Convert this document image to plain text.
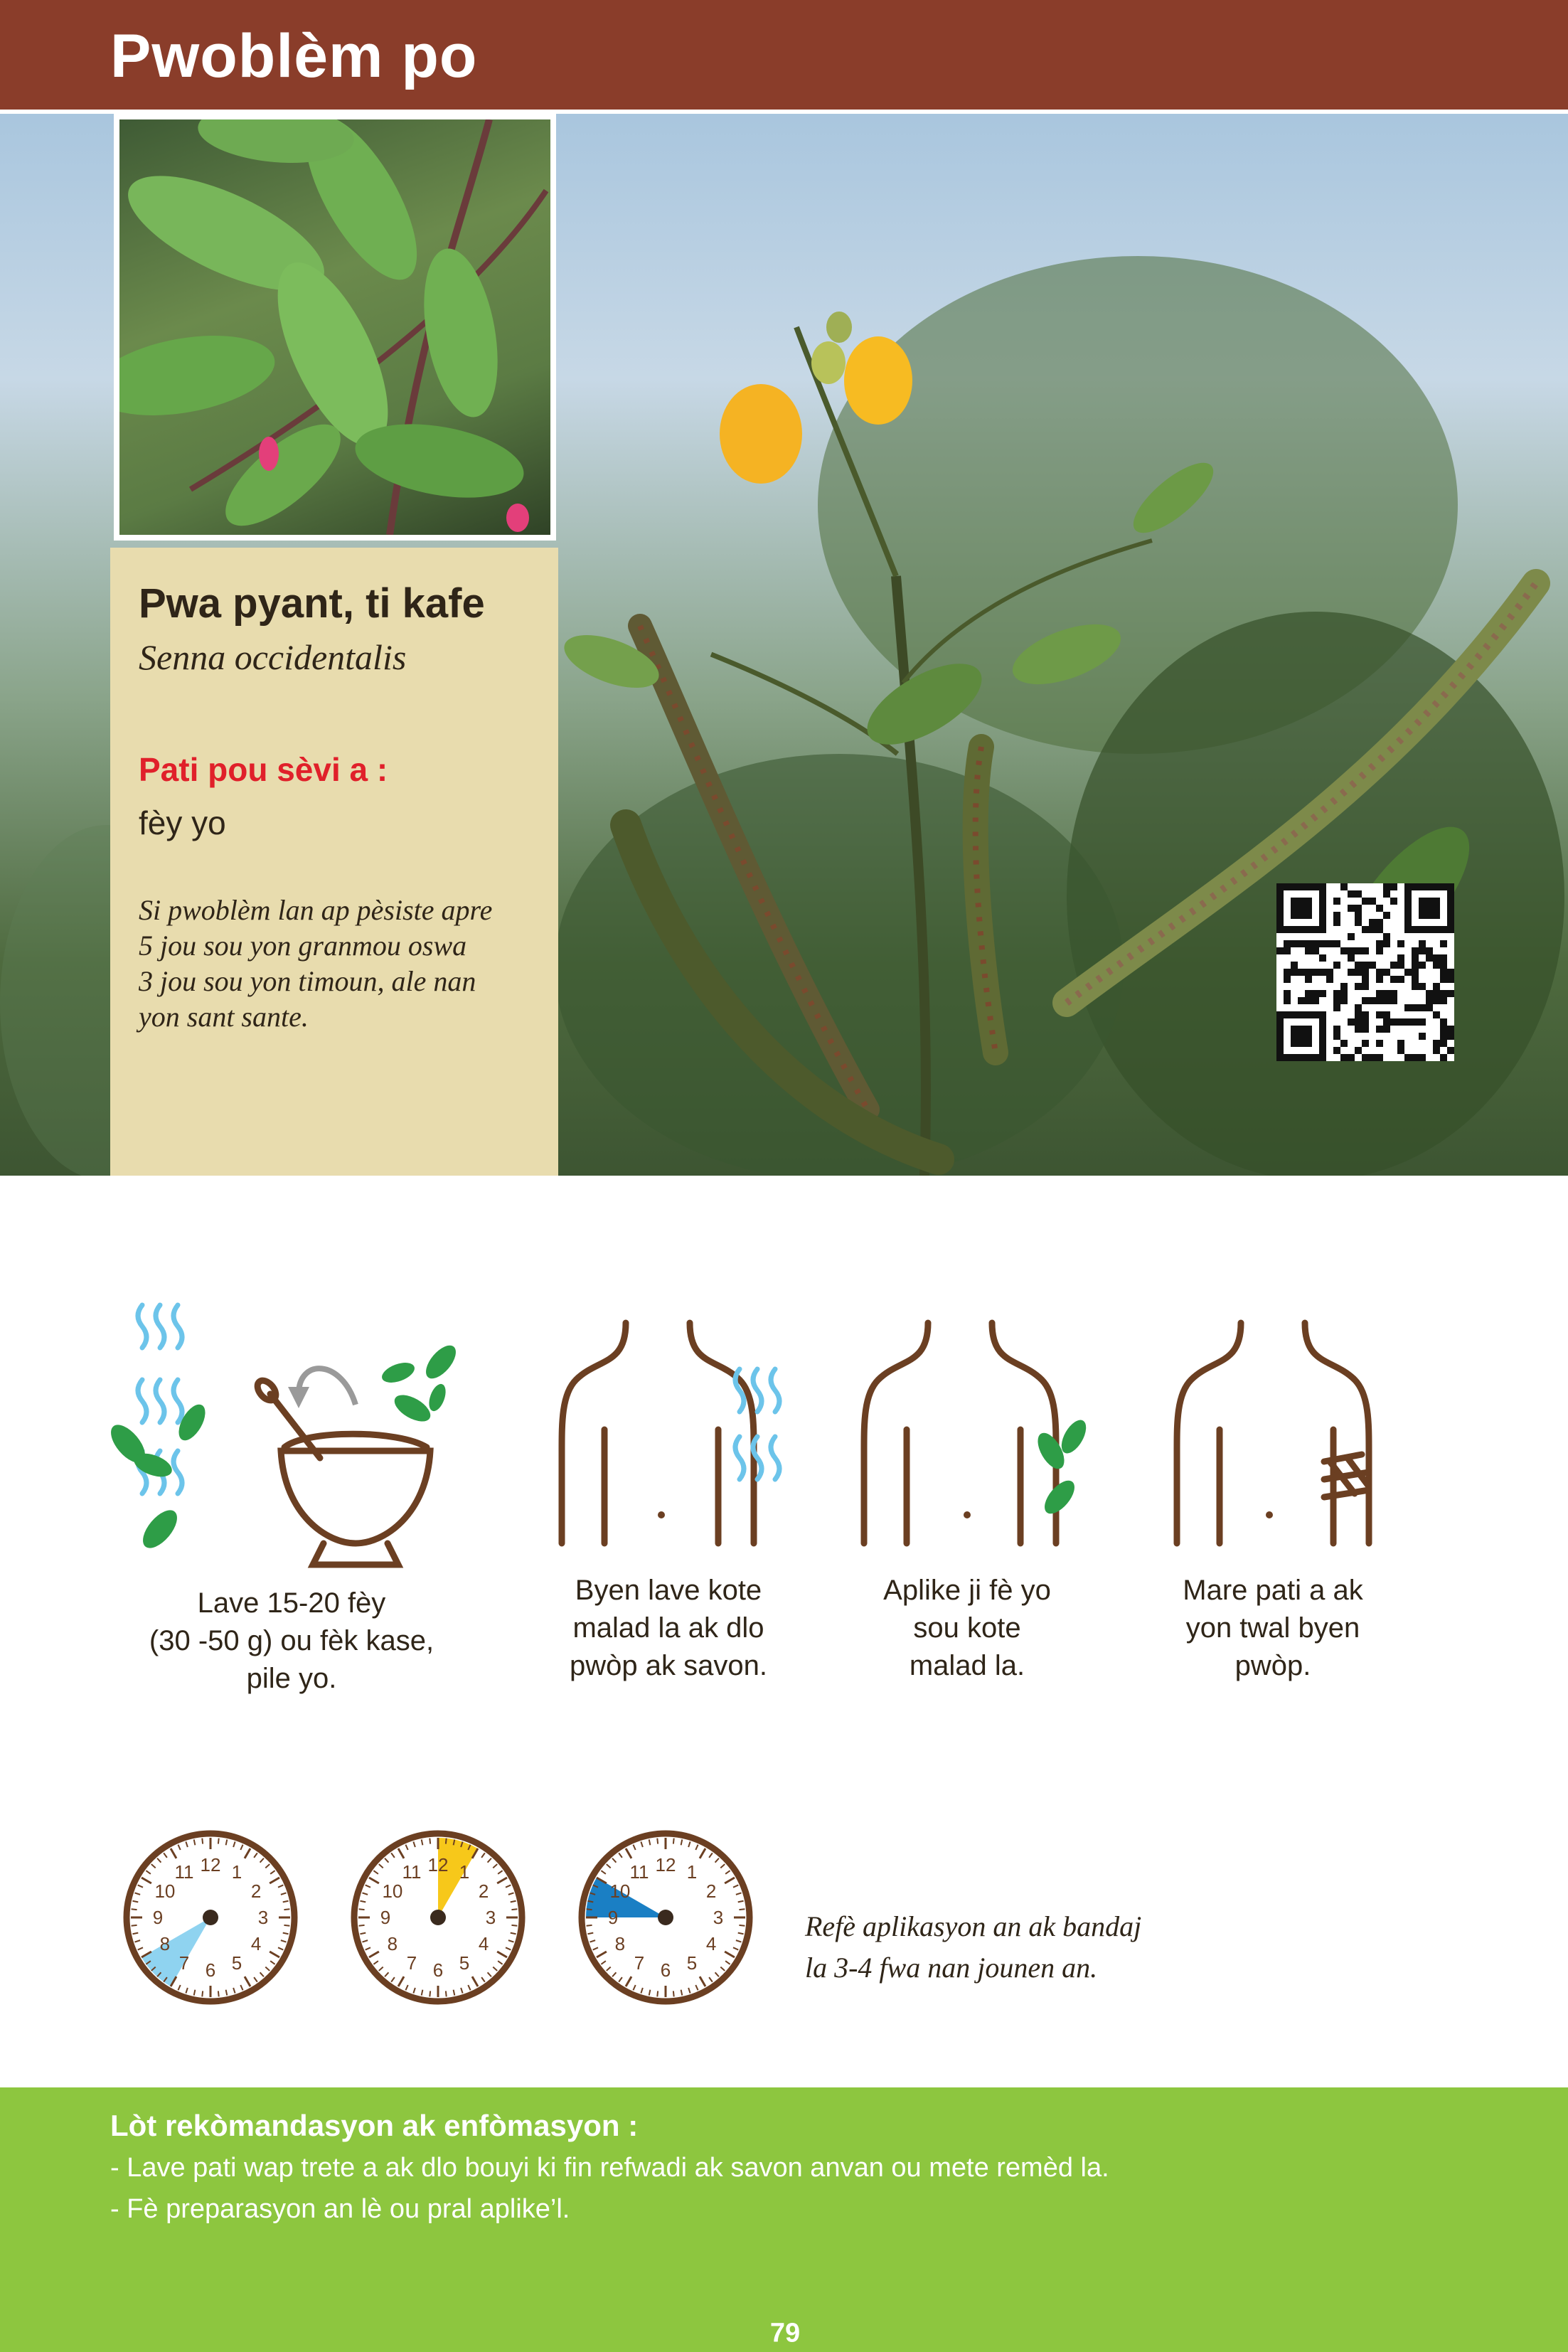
Pwoblèm po
Pwa pyant, ti kafe
Senna occidentalis
Pati pou sèvi a :
fèy yo
Si pwoblèm lan ap pèsiste apre
5 jou sou yon granmou oswa
3 jou sou yon timoun, ale nan
yon sant sante.
Lave 15-20 fèy
(30 -50 g) ou fèk kase,
pile yo.
Byen lave kote
malad la ak dlo
pwòp ak savon.
Aplike ji fè yo
sou kote
malad la.
Mare pati a ak
yon twal byen
pwòp.
12 1
2
3
4
5
6
7
8
9
10
11	12 1
2
3
4
5
6
7
8
9
10
11	12 1
2
3
4
5
6
7
8
9
10
11
Refè aplikasyon an ak bandaj
la 3-4 fwa nan jounen an.
Lòt rekòmandasyon ak enfòmasyon :
- Lave pati wap trete a ak dlo bouyi ki fin refwadi ak savon anvan ou mete remèd la.
- Fè preparasyon an lè ou pral aplike’l.
79
